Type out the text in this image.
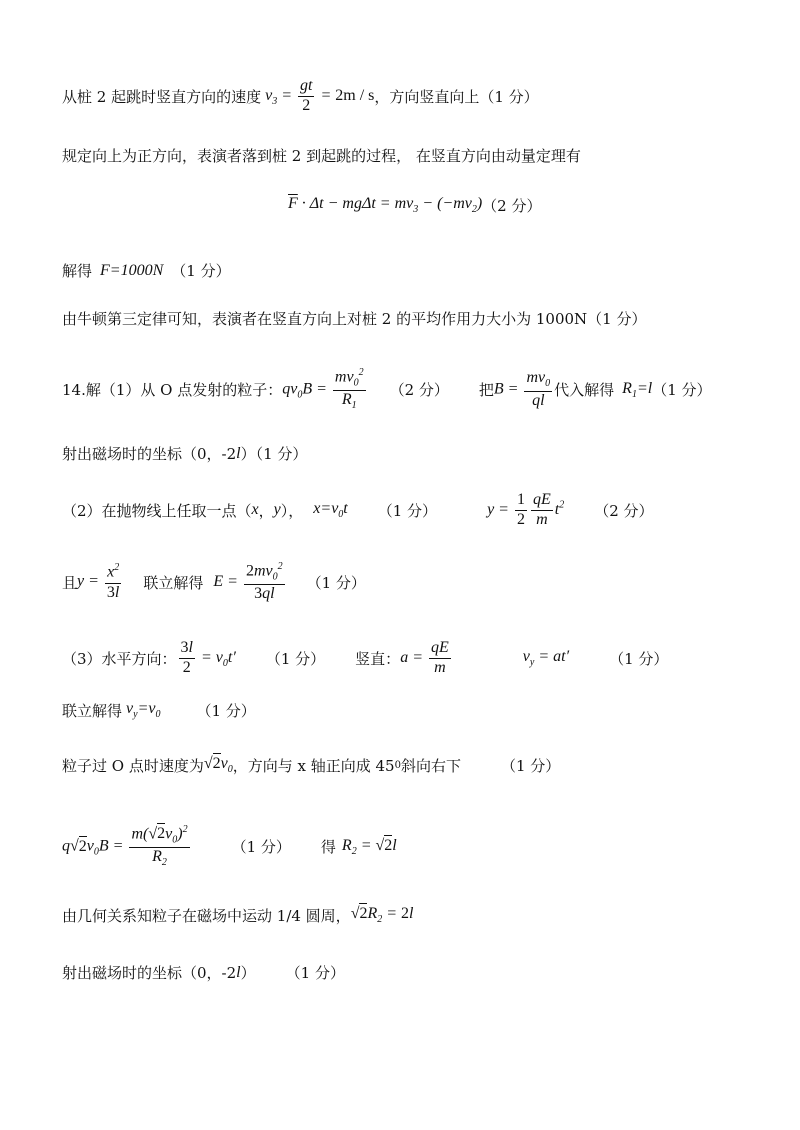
从桩 2 起跳时竖直方向的速度 $v_3 = \frac{gt}{2} = 2m / s$ ，方向竖直向上（1 分）
规定向上为正方向，表演者落到桩 2 到起跳的过程， 在竖直方向由动量定理有
$\overline{F} \cdot \Delta t - mg\Delta t = mv_3 - (-mv_2)$ （2 分）
解得 F=1000N （1 分）
由牛顿第三定律可知，表演者在竖直方向上对桩 2 的平均作用力大小为 1000N（1 分）
14.解（1）从 O 点发射的粒子： $qv_0B = \frac{mv_0^2}{R_1} (2$ 分） 把 $B = \frac{mv_0}{ql}$ 代入解得 $R_1=l$ （1 分）
射出磁场时的坐标（0，-2 l ）（1 分）
（2）在抛物线上任取一点（ x ， y ）， $x=v_0t$ （1 分）	$y = \frac{1}{2} \frac{qE}{m} t^2$ （2 分）
且 $y = \frac{x^2}{3l}$ 联立解得 $E = \frac{2mv_0^2}{3ql} (1$ 分）
（3）水平方向： $\frac{3l}{2} = v_0t'$ （1 分） 竖直： $a = \frac{qE}{m}$	$v_y = at'$	（1 分）
联立解得 $v_y=v_0$ （1 分）
粒子过 O 点时速度为 $√2v_0$ ，方向与 x 轴正向成 45 0 斜向右下	（1 分）
$q√2v_0B = \frac{m(√2v_0)^2}{R_2}$	（1 分） 得 $R_2 = √2l$
由几何关系知粒子在磁场中运动 1/4 圆周， $√2R_2 = 2l$
射出磁场时的坐标（0，-2 l ） （1 分）
